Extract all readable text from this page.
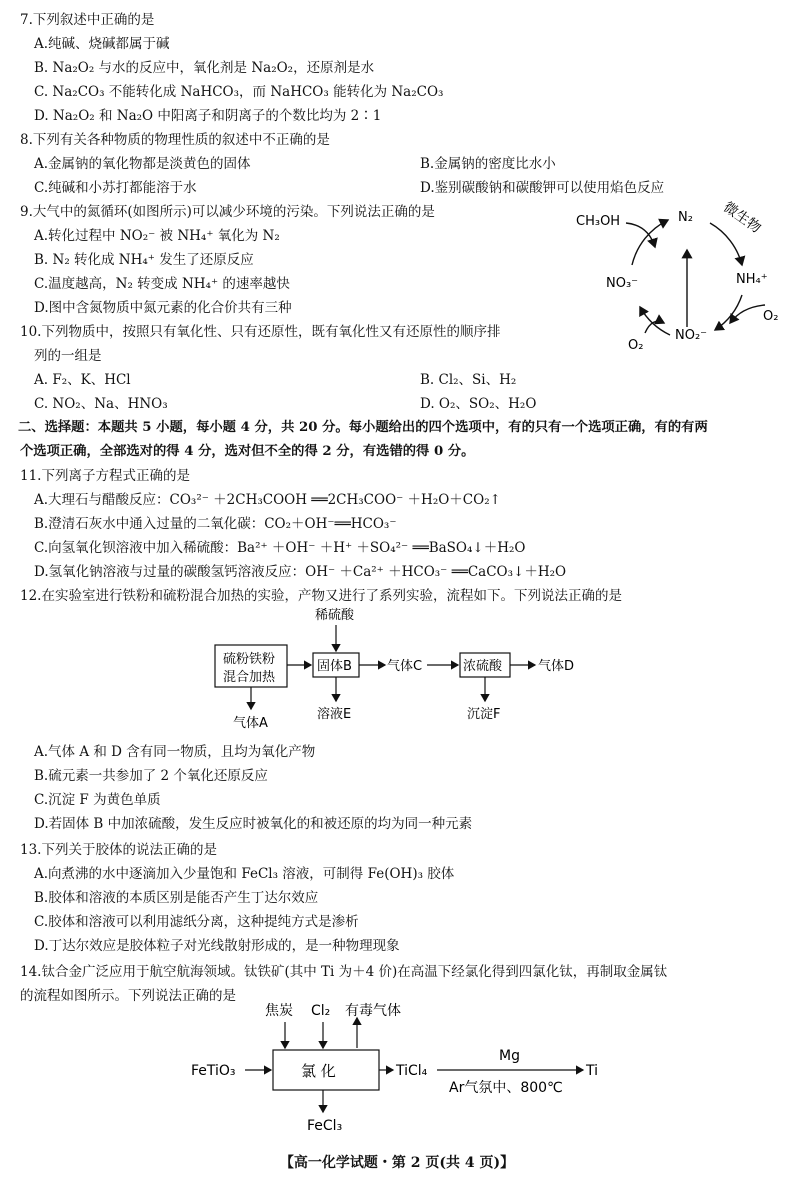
7.下列叙述中正确的是
A.纯碱、烧碱都属于碱
B. Na₂O₂ 与水的反应中，氧化剂是 Na₂O₂，还原剂是水
C. Na₂CO₃ 不能转化成 NaHCO₃，而 NaHCO₃ 能转化为 Na₂CO₃
D. Na₂O₂ 和 Na₂O 中阳离子和阴离子的个数比均为 2∶1
8.下列有关各种物质的物理性质的叙述中不正确的是
A.金属钠的氧化物都是淡黄色的固体	B.金属钠的密度比水小
C.纯碱和小苏打都能溶于水	D.鉴别碳酸钠和碳酸钾可以使用焰色反应
9.大气中的氮循环(如图所示)可以减少环境的污染。下列说法正确的是
A.转化过程中 NO₂⁻ 被 NH₄⁺ 氧化为 N₂
B. N₂ 转化成 NH₄⁺ 发生了还原反应
C.温度越高，N₂ 转变成 NH₄⁺ 的速率越快
D.图中含氮物质中氮元素的化合价共有三种
CH₃OH	N₂ 微生物
NH₄⁺
O₂
NO₂⁻
O₂
NO₃⁻
10.下列物质中，按照只有氧化性、只有还原性，既有氧化性又有还原性的顺序排
列的一组是
A. F₂、K、HCl	B. Cl₂、Si、H₂
C. NO₂、Na、HNO₃	D. O₂、SO₂、H₂O
二、选择题：本题共 5 小题，每小题 4 分，共 20 分。每小题给出的四个选项中，有的只有一个选项正确，有的有两
个选项正确，全部选对的得 4 分，选对但不全的得 2 分，有选错的得 0 分。
11.下列离子方程式正确的是
A.大理石与醋酸反应：CO₃²⁻ ＋2CH₃COOH ══2CH₃COO⁻ ＋H₂O＋CO₂↑
B.澄清石灰水中通入过量的二氧化碳：CO₂＋OH⁻══HCO₃⁻
C.向氢氧化钡溶液中加入稀硫酸：Ba²⁺ ＋OH⁻ ＋H⁺ ＋SO₄²⁻ ══BaSO₄↓＋H₂O
D.氢氧化钠溶液与过量的碳酸氢钙溶液反应：OH⁻ ＋Ca²⁺ ＋HCO₃⁻ ══CaCO₃↓＋H₂O
12.在实验室进行铁粉和硫粉混合加热的实验，产物又进行了系列实验，流程如下。下列说法正确的是
稀硫酸
硫粉铁粉
混合加热
固体B	气体C	浓硫酸	气体D
气体A
溶液E	沉淀F
A.气体 A 和 D 含有同一物质，且均为氧化产物
B.硫元素一共参加了 2 个氧化还原反应
C.沉淀 F 为黄色单质
D.若固体 B 中加浓硫酸，发生反应时被氧化的和被还原的均为同一种元素
13.下列关于胶体的说法正确的是
A.向煮沸的水中逐滴加入少量饱和 FeCl₃ 溶液，可制得 Fe(OH)₃ 胶体
B.胶体和溶液的本质区别是能否产生丁达尔效应
C.胶体和溶液可以利用滤纸分离，这种提纯方式是渗析
D.丁达尔效应是胶体粒子对光线散射形成的，是一种物理现象
14.钛合金广泛应用于航空航海领域。钛铁矿(其中 Ti 为＋4 价)在高温下经氯化得到四氯化钛，再制取金属钛
的流程如图所示。下列说法正确的是
焦炭 Cl₂ 有毒气体
FeTiO₃	氯 化	TiCl₄
Mg
Ar气氛中、800℃
Ti
FeCl₃
【高一化学试题・第 2 页(共 4 页)】
